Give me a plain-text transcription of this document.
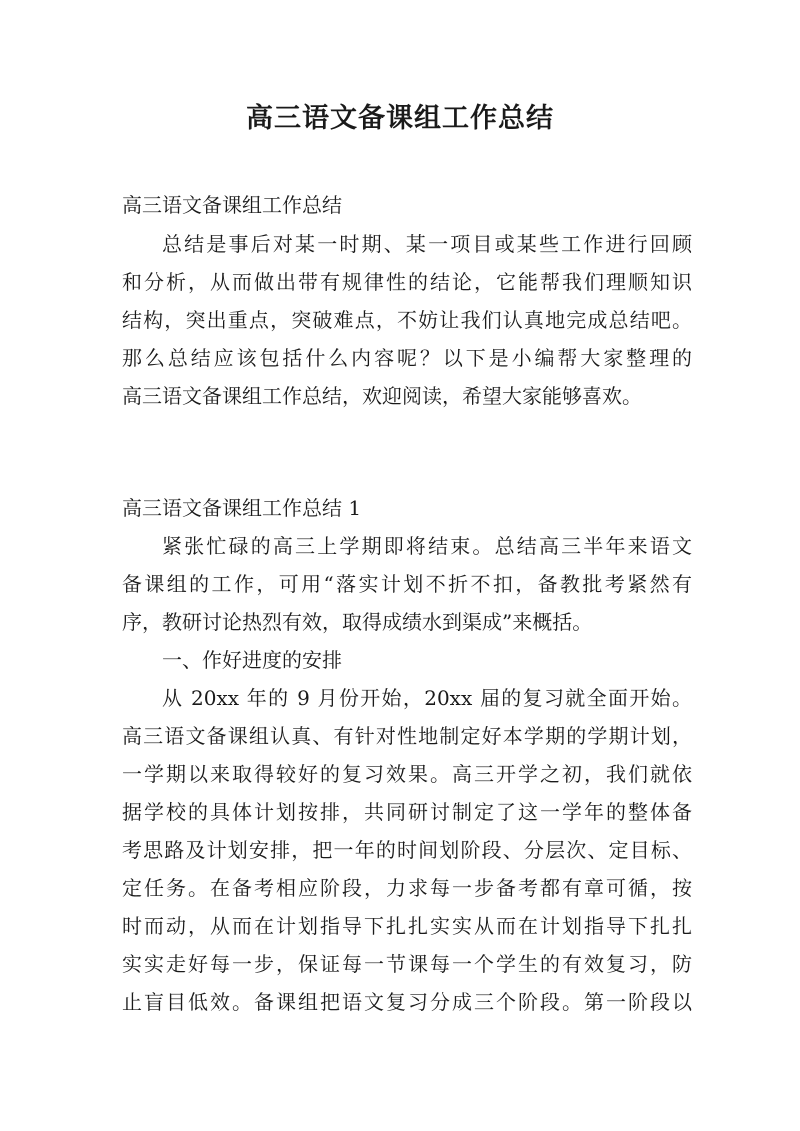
高三语文备课组工作总结
高三语文备课组工作总结
总结是事后对某一时期、某一项目或某些工作进行回顾
和分析，从而做出带有规律性的结论，它能帮我们理顺知识
结构，突出重点，突破难点，不妨让我们认真地完成总结吧。
那么总结应该包括什么内容呢？以下是小编帮大家整理的
高三语文备课组工作总结，欢迎阅读，希望大家能够喜欢。
高三语文备课组工作总结 1
紧张忙碌的高三上学期即将结束。总结高三半年来语文
备课组的工作，可用“落实计划不折不扣，备教批考紧然有
序，教研讨论热烈有效，取得成绩水到渠成”来概括。
一、作好进度的安排
从 20xx 年的 9 月份开始，20xx 届的复习就全面开始。
高三语文备课组认真、有针对性地制定好本学期的学期计划，
一学期以来取得较好的复习效果。高三开学之初，我们就依
据学校的具体计划按排，共同研讨制定了这一学年的整体备
考思路及计划安排，把一年的时间划阶段、分层次、定目标、
定任务。在备考相应阶段，力求每一步备考都有章可循，按
时而动，从而在计划指导下扎扎实实从而在计划指导下扎扎
实实走好每一步，保证每一节课每一个学生的有效复习，防
止盲目低效。备课组把语文复习分成三个阶段。第一阶段以
